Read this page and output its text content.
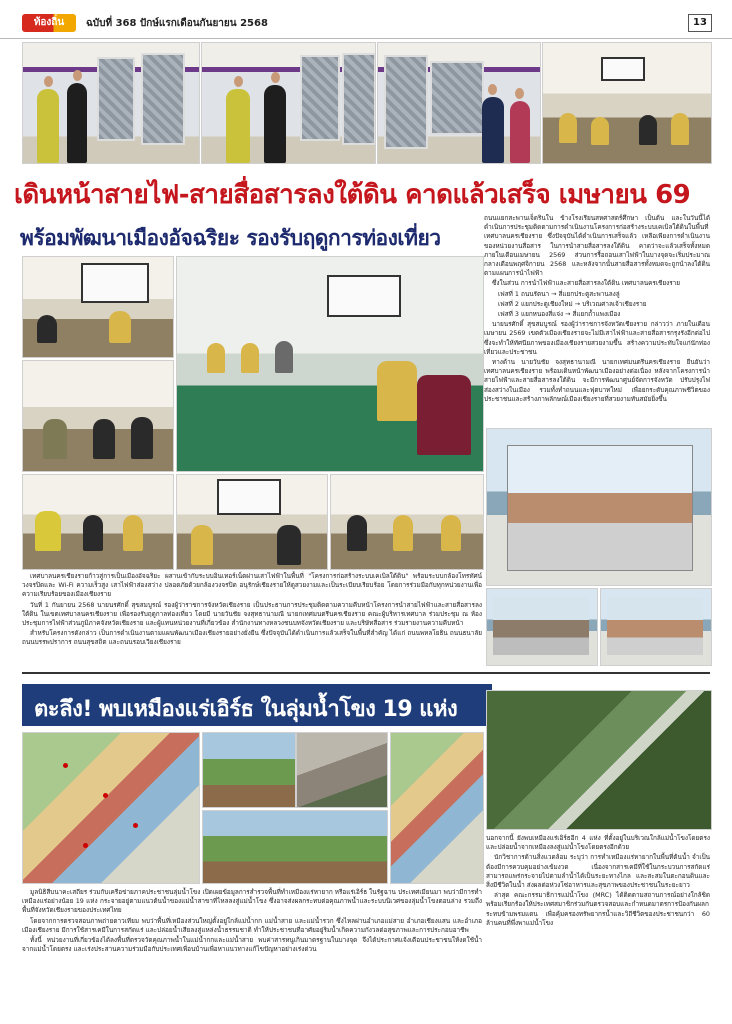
ท้องถิ่น	ฉบับที่ 368 ปักษ์แรกเดือนกันยายน 2568	13
เดินหน้าสายไฟ-สายสื่อสารลงใต้ดิน คาดแล้วเสร็จ เมษายน 69
พร้อมพัฒนาเมืองอัจฉริยะ รองรับฤดูการท่องเที่ยว

ถนนแยกสะพานเจ็ดรินใน ข้างโรงเรียนสหศาสตร์ศึกษา เป็นต้น และในวันนี้ได้ดำเนินการประชุมติดตามการดำเนินงานโครงการก่อสร้างระบบเคเบิลใต้ดินในพื้นที่เทศบาลนครเชียงราย ซึ่งปัจจุบันได้ดำเนินการเสร็จแล้ว เหลือเพียงการดำเนินงานของหน่วยงานสื่อสาร ในการนำสายสื่อสารลงใต้ดิน คาดว่าจะแล้วเสร็จทั้งหมดภายในเดือนเมษายน 2569 ส่วนการรื้อถอนเสาไฟฟ้าในบางจุดจะเริ่มประมาณกลางเดือนพฤศจิกายน 2568 และหลังจากนั้นสายสื่อสารทั้งหมดจะถูกนำลงใต้ดินตามแผนการนำไฟฟ้า

ซึ่งในส่วน การนำไฟฟ้าและสายสื่อสารลงใต้ดิน เทศบาลนครเชียงราย

เฟสที่ 1 ถนนรัตนา → สี่แยกประตูสะพานลงลู่

เฟสที่ 2 แยกประตูเชียงใหม่ → บริเวณศาลเจ้าเชียงราย

เฟสที่ 3 แยกหนองสี่แจ่ง → สี่แยกถ้ำแพงเมือง

นายนรศักดิ์ สุขสมบูรณ์ รองผู้ว่าราชการจังหวัดเชียงราย กล่าวว่า ภายในเดือนเมษายน 2569 เขตตัวเมืองเชียงรายจะไม่มีเสาไฟฟ้าและสายสื่อสารกรุงรังอีกต่อไป ซึ่งจะทำให้ทัศนียภาพของเมืองเชียงรายสวยงามขึ้น สร้างความประทับใจแก่นักท่องเที่ยวและประชาชน

ทางด้าน นายวันชัย จงสุทธานามณี นายกเทศมนตรีนครเชียงราย ยืนยันว่าเทศบาลนครเชียงราย พร้อมเดินหน้าพัฒนาเมืองอย่างต่อเนื่อง หลังจากโครงการนำสายไฟฟ้าและสายสื่อสารลงใต้ดิน จะมีการพัฒนาศูนย์จัดการจังหวัด ปรับปรุงไฟส่องสว่างในเมือง รวมทั้งทำถนนและฟุตบาทใหม่ เพื่อยกระดับคุณภาพชีวิตของประชาชนและสร้างภาพลักษณ์เมืองเชียงรายที่สวยงามทันสมัยยิ่งขึ้น

เทศบาลนครเชียงรายก้าวสู่การเป็นเมืองอัจฉริยะ ผสานเข้ากับระบบอินเทอร์เน็ตผ่านเสาไฟฟ้าในพื้นที่ "โครงการก่อสร้างระบบเคเบิลใต้ดิน" พร้อมระบบกล้องโทรทัศน์วงจรปิดและ Wi-Fi ความเร็วสูง เสาไฟฟ้าส่องสว่าง ปลอดภัยด้วยกล้องวงจรปิด อนุรักษ์เชียงรายให้ดูสวยงามและเป็นระเบียบเรียบร้อย โดยการร่วมมือกับทุกหน่วยงานเพื่อความเรียบร้อยของเมืองเชียงราย

วันที่ 1 กันยายน 2568 นายนรศักดิ์ สุขสมบูรณ์ รองผู้ว่าราชการจังหวัดเชียงราย เป็นประธานการประชุมติดตามความคืบหน้าโครงการนำสายไฟฟ้าและสายสื่อสารลงใต้ดิน ในเขตเทศบาลนครเชียงราย เพื่อรองรับฤดูกาลท่องเที่ยว โดยมี นายวันชัย จงสุทธานามณี นายกเทศมนตรีนครเชียงราย คณะผู้บริหารเทศบาล ร่วมประชุม ณ ห้องประชุมการไฟฟ้าส่วนภูมิภาคจังหวัดเชียงราย และผู้แทนหน่วยงานที่เกี่ยวข้อง สำนักงานทางหลวงชนบทจังหวัดเชียงราย และบริษัทสื่อสาร ร่วมรายงานความคืบหน้า

สำหรับโครงการดังกล่าว เป็นการดำเนินงานตามแผนพัฒนาเมืองเชียงรายอย่างยั่งยืน ซึ่งปัจจุบันได้ดำเนินการแล้วเสร็จในพื้นที่สำคัญ ได้แก่ ถนนพหลโยธิน ถนนธนาลัย ถนนบรรพปราการ ถนนสุขสถิต และถนนรอบเวียงเชียงราย

ตะลึง! พบเหมืองแร่เอิร์ธ ในลุ่มน้ำโขง 19 แห่ง

มูลนิธิสืบนาคะเสถียร ร่วมกับเครือข่ายภาคประชาชนลุ่มน้ำโขง เปิดเผยข้อมูลการสำรวจพื้นที่ทำเหมืองแร่หายาก หรือแร่เอิร์ธ ในรัฐฉาน ประเทศเมียนมา พบว่ามีการทำเหมืองแร่อย่างน้อย 19 แห่ง กระจายอยู่ตามแนวต้นน้ำของแม่น้ำสาขาที่ไหลลงสู่แม่น้ำโขง ซึ่งอาจส่งผลกระทบต่อคุณภาพน้ำและระบบนิเวศของลุ่มน้ำโขงตอนล่าง รวมถึงพื้นที่จังหวัดเชียงรายของประเทศไทย

โดยจากการตรวจสอบภาพถ่ายดาวเทียม พบว่าพื้นที่เหมืองส่วนใหญ่ตั้งอยู่ใกล้แม่น้ำกก แม่น้ำสาย และแม่น้ำรวก ซึ่งไหลผ่านอำเภอแม่สาย อำเภอเชียงแสน และอำเภอเมืองเชียงราย มีการใช้สารเคมีในการสกัดแร่ และปล่อยน้ำเสียลงสู่แหล่งน้ำธรรมชาติ ทำให้ประชาชนที่อาศัยอยู่ริมน้ำเกิดความกังวลต่อสุขภาพและการประกอบอาชีพ

ทั้งนี้ หน่วยงานที่เกี่ยวข้องได้ลงพื้นที่ตรวจวัดคุณภาพน้ำในแม่น้ำกกและแม่น้ำสาย พบค่าสารหนูเกินมาตรฐานในบางจุด จึงได้ประกาศแจ้งเตือนประชาชนให้งดใช้น้ำจากแม่น้ำโดยตรง และเร่งประสานความร่วมมือกับประเทศเพื่อนบ้านเพื่อหาแนวทางแก้ไขปัญหาอย่างเร่งด่วน

นอกจากนี้ ยังพบเหมืองแร่เอิร์ธอีก 4 แห่ง ที่ตั้งอยู่ในบริเวณใกล้แม่น้ำโขงโดยตรง และปล่อยน้ำจากเหมืองลงสู่แม่น้ำโขงโดยตรงอีกด้วย

นักวิชาการด้านสิ่งแวดล้อม ระบุว่า การทำเหมืองแร่หายากในพื้นที่ต้นน้ำ จำเป็นต้องมีการควบคุมอย่างเข้มงวด เนื่องจากสารเคมีที่ใช้ในกระบวนการสกัดแร่ สามารถแพร่กระจายไปตามลำน้ำได้เป็นระยะทางไกล และสะสมในตะกอนดินและสิ่งมีชีวิตในน้ำ ส่งผลต่อห่วงโซ่อาหารและสุขภาพของประชาชนในระยะยาว

ล่าสุด คณะกรรมาธิการแม่น้ำโขง (MRC) ได้ติดตามสถานการณ์อย่างใกล้ชิด พร้อมเรียกร้องให้ประเทศสมาชิกร่วมกันตรวจสอบและกำหนดมาตรการป้องกันผลกระทบข้ามพรมแดน เพื่อคุ้มครองทรัพยากรน้ำและวิถีชีวิตของประชาชนกว่า 60 ล้านคนที่พึ่งพาแม่น้ำโขง
